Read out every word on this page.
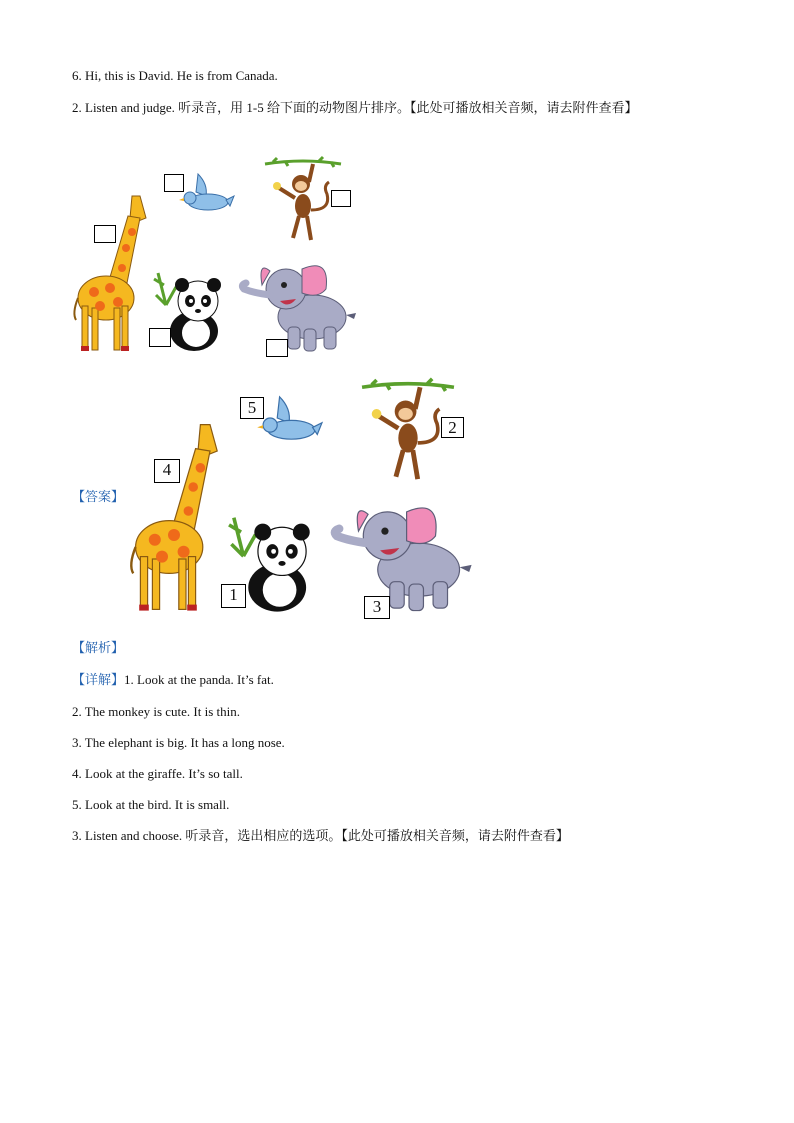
6. Hi, this is David. He is from Canada.
2. Listen and judge. 听录音，用 1-5 给下面的动物图片排序。【此处可播放相关音频，请去附件查看】
【答案】
4
5
2
1
3
【解析】
【详解】1. Look at the panda. It’s fat.
2. The monkey is cute. It is thin.
3. The elephant is big. It has a long nose.
4. Look at the giraffe. It’s so tall.
5. Look at the bird. It is small.
3. Listen and choose. 听录音，选出相应的选项。【此处可播放相关音频，请去附件查看】
